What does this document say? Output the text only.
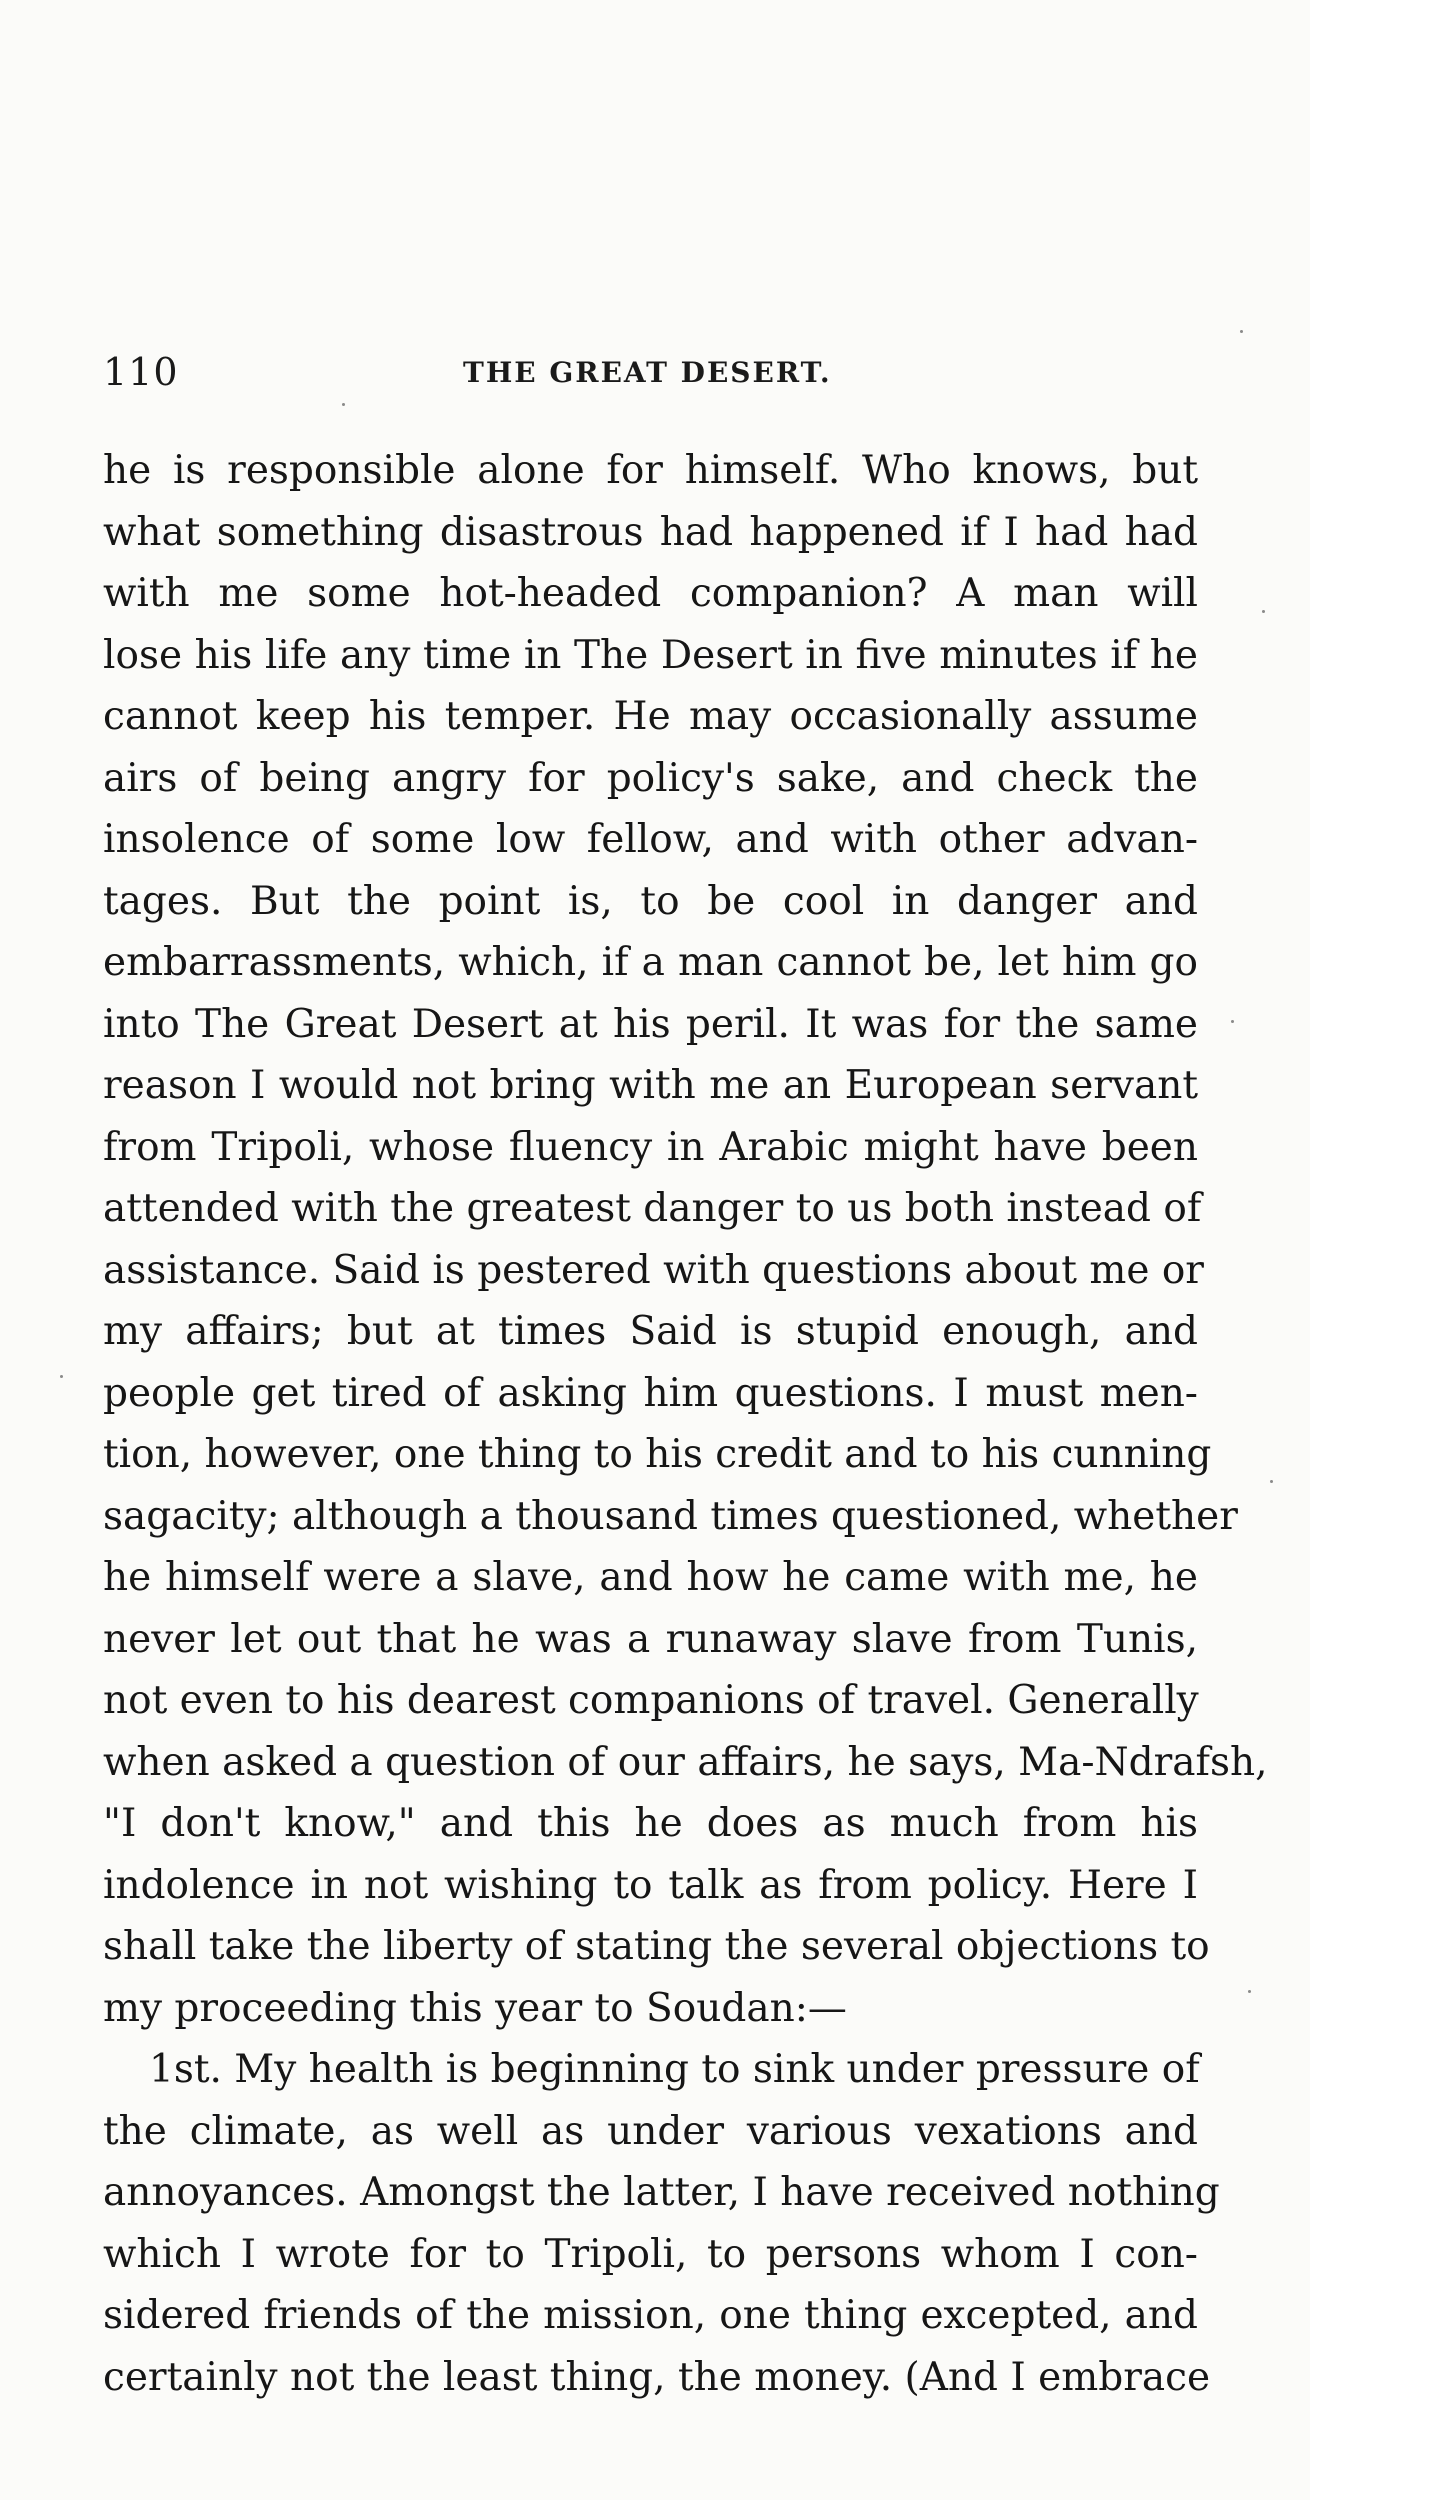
110	THE GREAT DESERT.
he is responsible alone for himself. Who knows, but
what something disastrous had happened if I had had
with me some hot-headed companion? A man will
lose his life any time in The Desert in five minutes if he
cannot keep his temper. He may occasionally assume
airs of being angry for policy's sake, and check the
insolence of some low fellow, and with other advan-
tages. But the point is, to be cool in danger and
embarrassments, which, if a man cannot be, let him go
into The Great Desert at his peril. It was for the same
reason I would not bring with me an European servant
from Tripoli, whose fluency in Arabic might have been
attended with the greatest danger to us both instead of
assistance. Said is pestered with questions about me or
my affairs; but at times Said is stupid enough, and
people get tired of asking him questions. I must men-
tion, however, one thing to his credit and to his cunning
sagacity; although a thousand times questioned, whether
he himself were a slave, and how he came with me, he
never let out that he was a runaway slave from Tunis,
not even to his dearest companions of travel. Generally
when asked a question of our affairs, he says, Ma-Ndrafsh,
"I don't know," and this he does as much from his
indolence in not wishing to talk as from policy. Here I
shall take the liberty of stating the several objections to
my proceeding this year to Soudan:—
1st. My health is beginning to sink under pressure of
the climate, as well as under various vexations and
annoyances. Amongst the latter, I have received nothing
which I wrote for to Tripoli, to persons whom I con-
sidered friends of the mission, one thing excepted, and
certainly not the least thing, the money. (And I embrace
